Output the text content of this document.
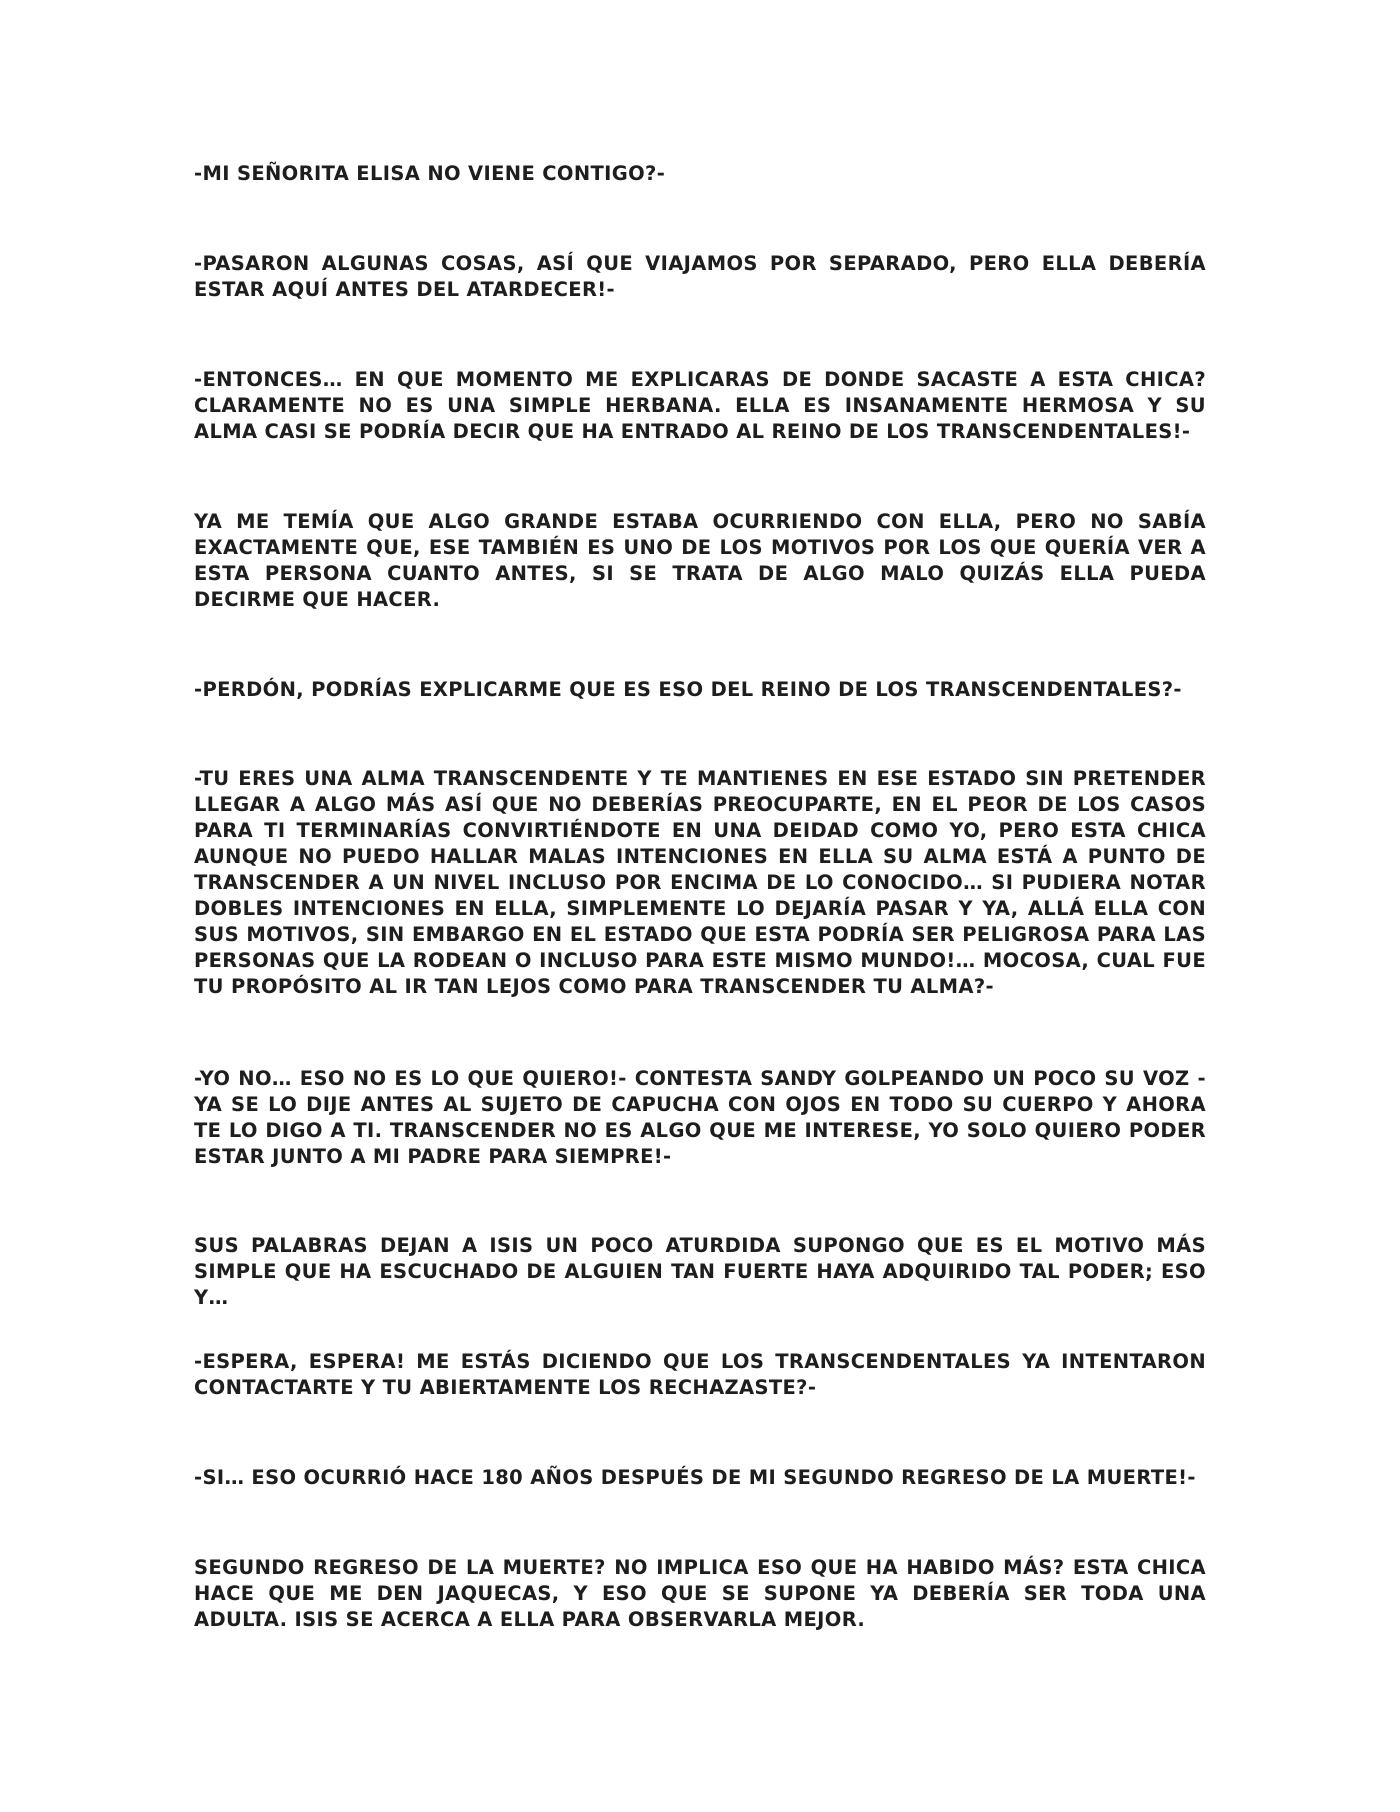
-MI SEÑORITA ELISA NO VIENE CONTIGO?-

-PASARON ALGUNAS COSAS, ASÍ QUE VIAJAMOS POR SEPARADO, PERO ELLA DEBERÍA ESTAR AQUÍ ANTES DEL ATARDECER!-

-ENTONCES… EN QUE MOMENTO ME EXPLICARAS DE DONDE SACASTE A ESTA CHICA? CLARAMENTE NO ES UNA SIMPLE HERBANA. ELLA ES INSANAMENTE HERMOSA Y SU ALMA CASI SE PODRÍA DECIR QUE HA ENTRADO AL REINO DE LOS TRANSCENDENTALES!-

YA ME TEMÍA QUE ALGO GRANDE ESTABA OCURRIENDO CON ELLA, PERO NO SABÍA EXACTAMENTE QUE, ESE TAMBIÉN ES UNO DE LOS MOTIVOS POR LOS QUE QUERÍA VER A ESTA PERSONA CUANTO ANTES, SI SE TRATA DE ALGO MALO QUIZÁS ELLA PUEDA DECIRME QUE HACER.

-PERDÓN, PODRÍAS EXPLICARME QUE ES ESO DEL REINO DE LOS TRANSCENDENTALES?-

-TU ERES UNA ALMA TRANSCENDENTE Y TE MANTIENES EN ESE ESTADO SIN PRETENDER LLEGAR A ALGO MÁS ASÍ QUE NO DEBERÍAS PREOCUPARTE, EN EL PEOR DE LOS CASOS PARA TI TERMINARÍAS CONVIRTIÉNDOTE EN UNA DEIDAD COMO YO, PERO ESTA CHICA AUNQUE NO PUEDO HALLAR MALAS INTENCIONES EN ELLA SU ALMA ESTÁ A PUNTO DE TRANSCENDER A UN NIVEL INCLUSO POR ENCIMA DE LO CONOCIDO… SI PUDIERA NOTAR DOBLES INTENCIONES EN ELLA, SIMPLEMENTE LO DEJARÍA PASAR Y YA, ALLÁ ELLA CON SUS MOTIVOS, SIN EMBARGO EN EL ESTADO QUE ESTA PODRÍA SER PELIGROSA PARA LAS PERSONAS QUE LA RODEAN O INCLUSO PARA ESTE MISMO MUNDO!… MOCOSA, CUAL FUE TU PROPÓSITO AL IR TAN LEJOS COMO PARA TRANSCENDER TU ALMA?-

-YO NO… ESO NO ES LO QUE QUIERO!- CONTESTA SANDY GOLPEANDO UN POCO SU VOZ - YA SE LO DIJE ANTES AL SUJETO DE CAPUCHA CON OJOS EN TODO SU CUERPO Y AHORA TE LO DIGO A TI. TRANSCENDER NO ES ALGO QUE ME INTERESE, YO SOLO QUIERO PODER ESTAR JUNTO A MI PADRE PARA SIEMPRE!-

SUS PALABRAS DEJAN A ISIS UN POCO ATURDIDA SUPONGO QUE ES EL MOTIVO MÁS SIMPLE QUE HA ESCUCHADO DE ALGUIEN TAN FUERTE HAYA ADQUIRIDO TAL PODER; ESO Y…

-ESPERA, ESPERA! ME ESTÁS DICIENDO QUE LOS TRANSCENDENTALES YA INTENTARON CONTACTARTE Y TU ABIERTAMENTE LOS RECHAZASTE?-

-SI… ESO OCURRIÓ HACE 180 AÑOS DESPUÉS DE MI SEGUNDO REGRESO DE LA MUERTE!-

SEGUNDO REGRESO DE LA MUERTE? NO IMPLICA ESO QUE HA HABIDO MÁS? ESTA CHICA HACE QUE ME DEN JAQUECAS, Y ESO QUE SE SUPONE YA DEBERÍA SER TODA UNA ADULTA. ISIS SE ACERCA A ELLA PARA OBSERVARLA MEJOR.
